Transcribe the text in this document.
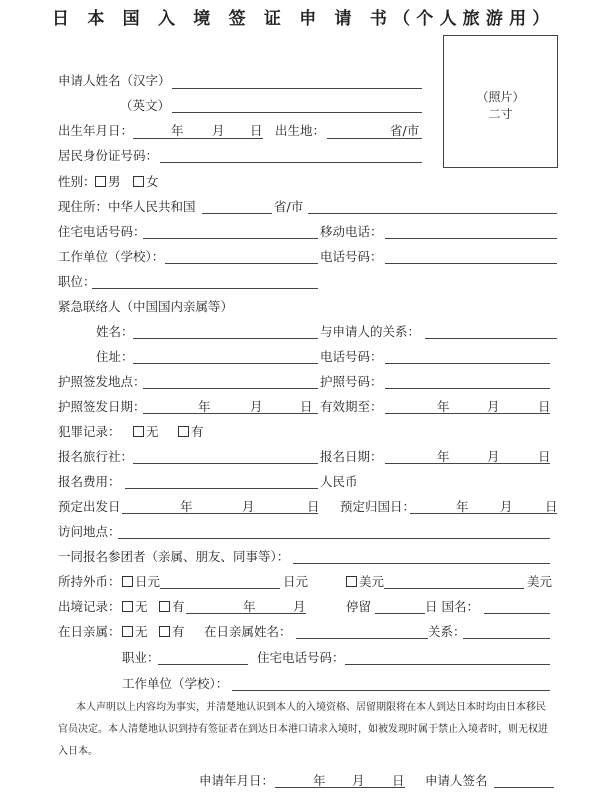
日 本 国 入 境 签 证 申 请 书（个人旅游用）
（照片）
二寸
申请人姓名（汉字）
（英文）
出生年月日：	年 月 日 出生地：	省/市
居民身份证号码：
性别： 男	女
现住所：中华人民共和国	省/市
住宅电话号码：	移动电话：
工作单位（学校）：	电话号码：
职位：
紧急联络人（中国国内亲属等）
姓名：	与申请人的关系：
住址：	电话号码：
护照签发地点：	护照号码：
护照签发日期：	年	月	日 有效期至：	年	月	日
犯罪记录：	无	有
报名旅行社：	报名日期：	年	月	日
报名费用：	人民币
预定出发日	年	月	日 预定归国日：	年	月	日
访问地点：
一同报名参团者（亲属、朋友、同事等）：
所持外币：	日元	日元	美元	美元
出境记录：	无	有	年	月	停留	日 国名：
在日亲属：	无	有 在日亲属姓名：	关系：
职业：	住宅电话号码：
工作单位（学校）：
本人声明以上内容均为事实，并清楚地认识到本人的入境资格、居留期限将在本人到达日本时均由日本移民
官员决定。本人清楚地认识到持有签证者在到达日本港口请求入境时，如被发现时属于禁止入境者时，则无权进
入日本。
申请年月日：	年 月 日 申请人签名
